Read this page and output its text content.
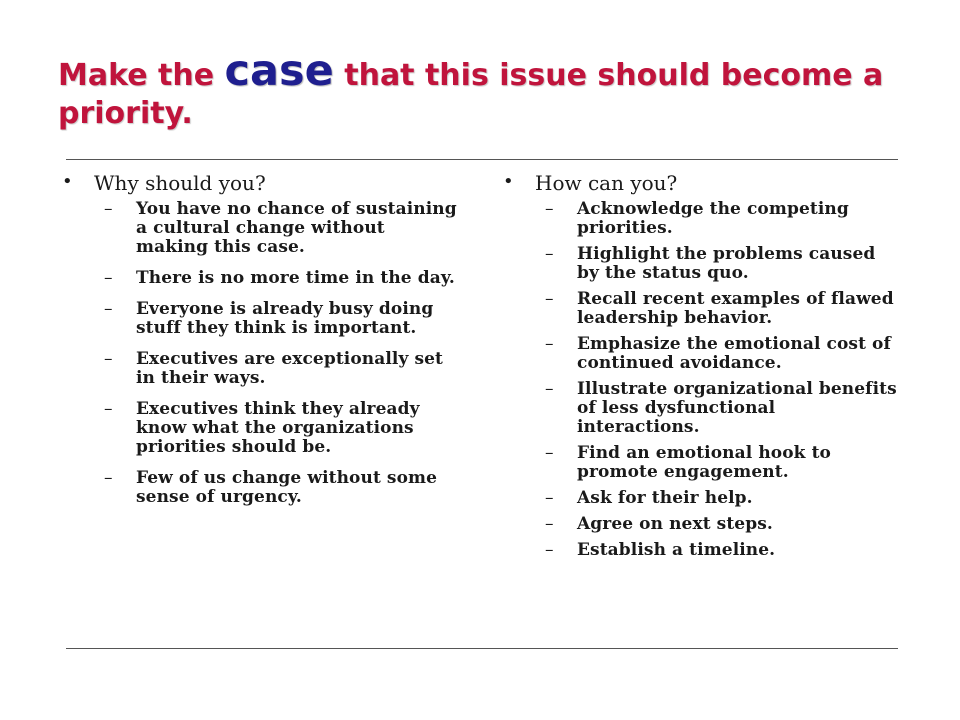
Make the case that this issue should become a priority.
• Why should you?
– You have no chance of sustaining a cultural change without making this case.
– There is no more time in the day.
– Everyone is already busy doing stuff they think is important.
– Executives are exceptionally set in their ways.
– Executives think they already know what the organizations priorities should be.
– Few of us change without some sense of urgency.
• How can you?
– Acknowledge the competing priorities.
– Highlight the problems caused by the status quo.
– Recall recent examples of flawed leadership behavior.
– Emphasize the emotional cost of continued avoidance.
– Illustrate organizational benefits of less dysfunctional interactions.
– Find an emotional hook to promote engagement.
– Ask for their help.
– Agree on next steps.
– Establish a timeline.
